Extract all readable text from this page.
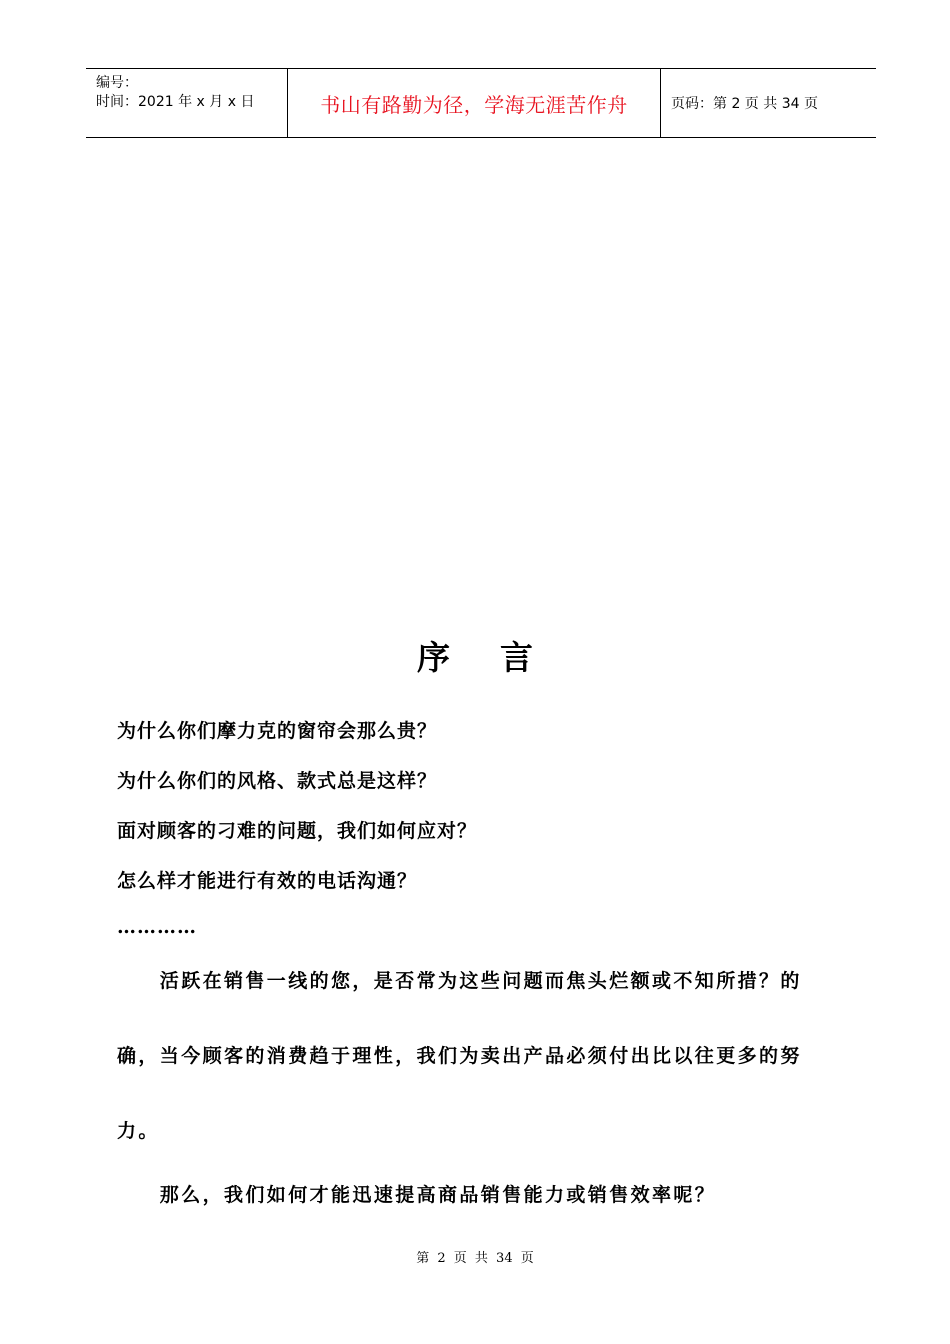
编号：
时间：2021 年 x 月 x 日	书山有路勤为径，学海无涯苦作舟	页码：第 2 页 共 34 页
序言
为什么你们摩力克的窗帘会那么贵？
为什么你们的风格、款式总是这样？
面对顾客的刁难的问题，我们如何应对？
怎么样才能进行有效的电话沟通？
…………
　　活跃在销售一线的您，是否常为这些问题而焦头烂额或不知所措？的
确，当今顾客的消费趋于理性，我们为卖出产品必须付出比以往更多的努
力。
　　那么，我们如何才能迅速提高商品销售能力或销售效率呢？
第 2 页 共 34 页
